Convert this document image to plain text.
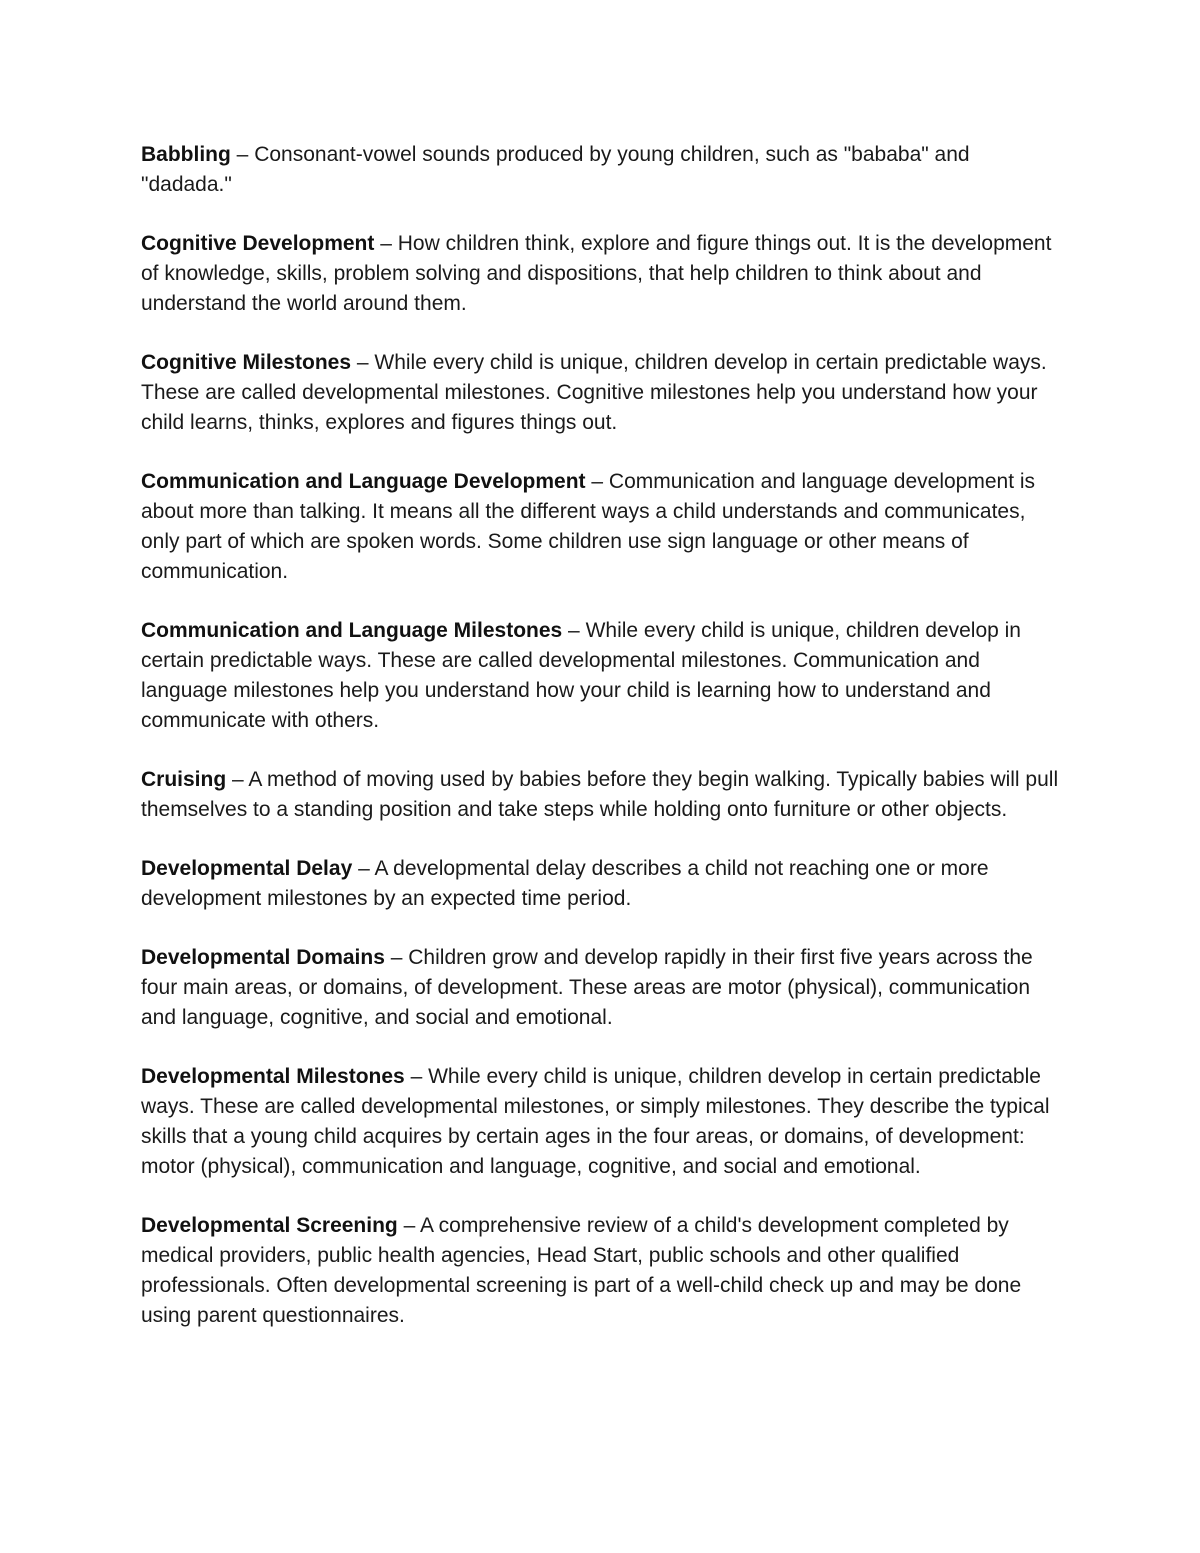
Babbling – Consonant-vowel sounds produced by young children, such as "bababa" and "dadada."

Cognitive Development – How children think, explore and figure things out. It is the development of knowledge, skills, problem solving and dispositions, that help children to think about and understand the world around them.

Cognitive Milestones – While every child is unique, children develop in certain predictable ways. These are called developmental milestones. Cognitive milestones help you understand how your child learns, thinks, explores and figures things out.

Communication and Language Development – Communication and language development is about more than talking. It means all the different ways a child understands and communicates, only part of which are spoken words. Some children use sign language or other means of communication.

Communication and Language Milestones – While every child is unique, children develop in certain predictable ways. These are called developmental milestones. Communication and language milestones help you understand how your child is learning how to understand and communicate with others.

Cruising – A method of moving used by babies before they begin walking. Typically babies will pull themselves to a standing position and take steps while holding onto furniture or other objects.

Developmental Delay – A developmental delay describes a child not reaching one or more development milestones by an expected time period.

Developmental Domains – Children grow and develop rapidly in their first five years across the four main areas, or domains, of development. These areas are motor (physical), communication and language, cognitive, and social and emotional.

Developmental Milestones – While every child is unique, children develop in certain predictable ways. These are called developmental milestones, or simply milestones. They describe the typical skills that a young child acquires by certain ages in the four areas, or domains, of development: motor (physical), communication and language, cognitive, and social and emotional.

Developmental Screening – A comprehensive review of a child's development completed by medical providers, public health agencies, Head Start, public schools and other qualified professionals. Often developmental screening is part of a well-child check up and may be done using parent questionnaires.
